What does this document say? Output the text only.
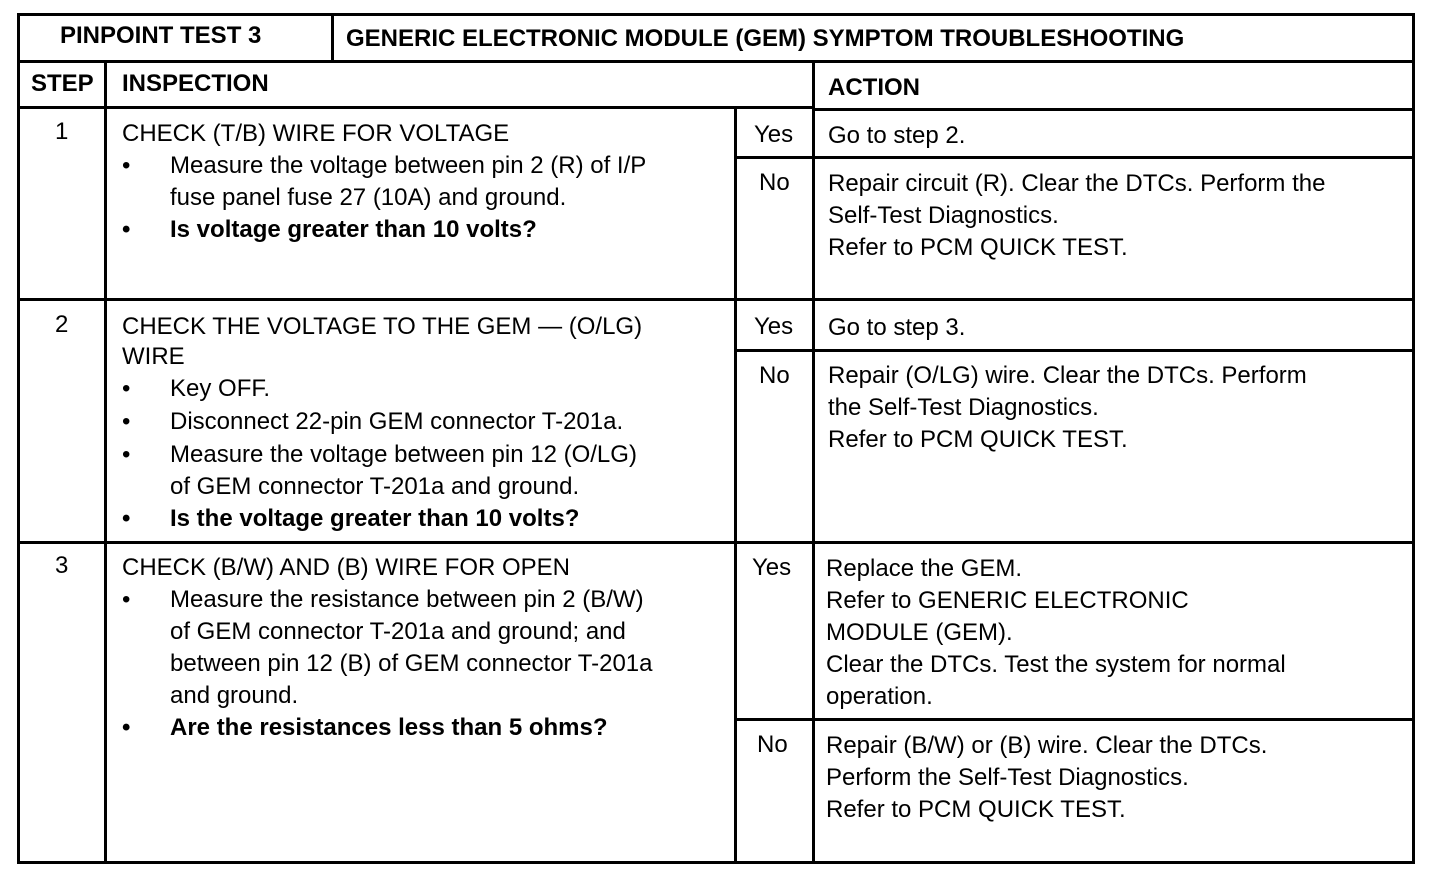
PINPOINT TEST 3	GENERIC ELECTRONIC MODULE (GEM) SYMPTOM TROUBLESHOOTING
STEP INSPECTION	ACTION
1 CHECK (T/B) WIRE FOR VOLTAGE
• Measure the voltage between pin 2 (R) of I/P
fuse panel fuse 27 (10A) and ground.
• Is voltage greater than 10 volts?
Yes Go to step 2.
No Repair circuit (R). Clear the DTCs. Perform the
Self-Test Diagnostics.
Refer to PCM QUICK TEST.
2 CHECK THE VOLTAGE TO THE GEM — (O/LG)
WIRE
• Key OFF.
• Disconnect 22-pin GEM connector T-201a.
• Measure the voltage between pin 12 (O/LG)
of GEM connector T-201a and ground.
• Is the voltage greater than 10 volts?
Yes Go to step 3.
No Repair (O/LG) wire. Clear the DTCs. Perform
the Self-Test Diagnostics.
Refer to PCM QUICK TEST.
3 CHECK (B/W) AND (B) WIRE FOR OPEN
• Measure the resistance between pin 2 (B/W)
of GEM connector T-201a and ground; and
between pin 12 (B) of GEM connector T-201a
and ground.
• Are the resistances less than 5 ohms?
Yes Replace the GEM.
Refer to GENERIC ELECTRONIC
MODULE (GEM).
Clear the DTCs. Test the system for normal
operation.
No Repair (B/W) or (B) wire. Clear the DTCs.
Perform the Self-Test Diagnostics.
Refer to PCM QUICK TEST.
